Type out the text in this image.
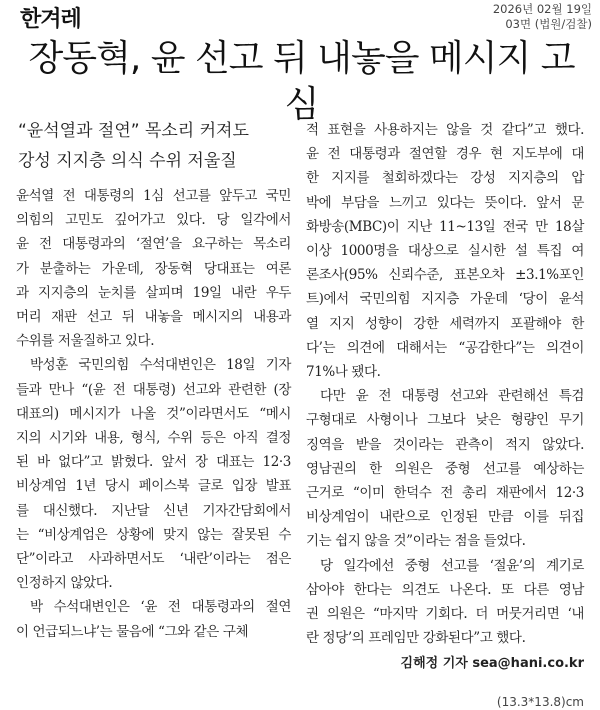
한겨레	2026년 02월 19일
03면 (법원/검찰)
장동혁, 윤 선고 뒤 내놓을 메시지 고심
“윤석열과 절연” 목소리 커져도
강성 지지층 의식 수위 저울질
윤석열 전 대통령의 1심 선고를 앞두고 국민
의힘의 고민도 깊어가고 있다. 당 일각에서
윤 전 대통령과의 ‘절연’을 요구하는 목소리
가 분출하는 가운데, 장동혁 당대표는 여론
과 지지층의 눈치를 살피며 19일 내란 우두
머리 재판 선고 뒤 내놓을 메시지의 내용과
수위를 저울질하고 있다.
박성훈 국민의힘 수석대변인은 18일 기자
들과 만나 “(윤 전 대통령) 선고와 관련한 (장
대표의) 메시지가 나올 것”이라면서도 “메시
지의 시기와 내용, 형식, 수위 등은 아직 결정
된 바 없다”고 밝혔다. 앞서 장 대표는 12·3
비상계엄 1년 당시 페이스북 글로 입장 발표
를 대신했다. 지난달 신년 기자간담회에서
는 “비상계엄은 상황에 맞지 않는 잘못된 수
단”이라고 사과하면서도 ‘내란’이라는 점은
인정하지 않았다.
박 수석대변인은 ‘윤 전 대통령과의 절연
이 언급되느냐’는 물음에 “그와 같은 구체
적 표현을 사용하지는 않을 것 같다”고 했다.
윤 전 대통령과 절연할 경우 현 지도부에 대
한 지지를 철회하겠다는 강성 지지층의 압
박에 부담을 느끼고 있다는 뜻이다. 앞서 문
화방송(MBC)이 지난 11~13일 전국 만 18살
이상 1000명을 대상으로 실시한 설 특집 여
론조사(95% 신뢰수준, 표본오차 ±3.1%포인
트)에서 국민의힘 지지층 가운데 ‘당이 윤석
열 지지 성향이 강한 세력까지 포괄해야 한
다’는 의견에 대해서는 “공감한다”는 의견이
71%나 됐다.
다만 윤 전 대통령 선고와 관련해선 특검
구형대로 사형이나 그보다 낮은 형량인 무기
징역을 받을 것이라는 관측이 적지 않았다.
영남권의 한 의원은 중형 선고를 예상하는
근거로 “이미 한덕수 전 총리 재판에서 12·3
비상계엄이 내란으로 인정된 만큼 이를 뒤집
기는 쉽지 않을 것”이라는 점을 들었다.
당 일각에선 중형 선고를 ‘절윤’의 계기로
삼아야 한다는 의견도 나온다. 또 다른 영남
권 의원은 “마지막 기회다. 더 머뭇거리면 ‘내
란 정당’의 프레임만 강화된다”고 했다.
김해정 기자 sea@hani.co.kr
(13.3*13.8)cm
